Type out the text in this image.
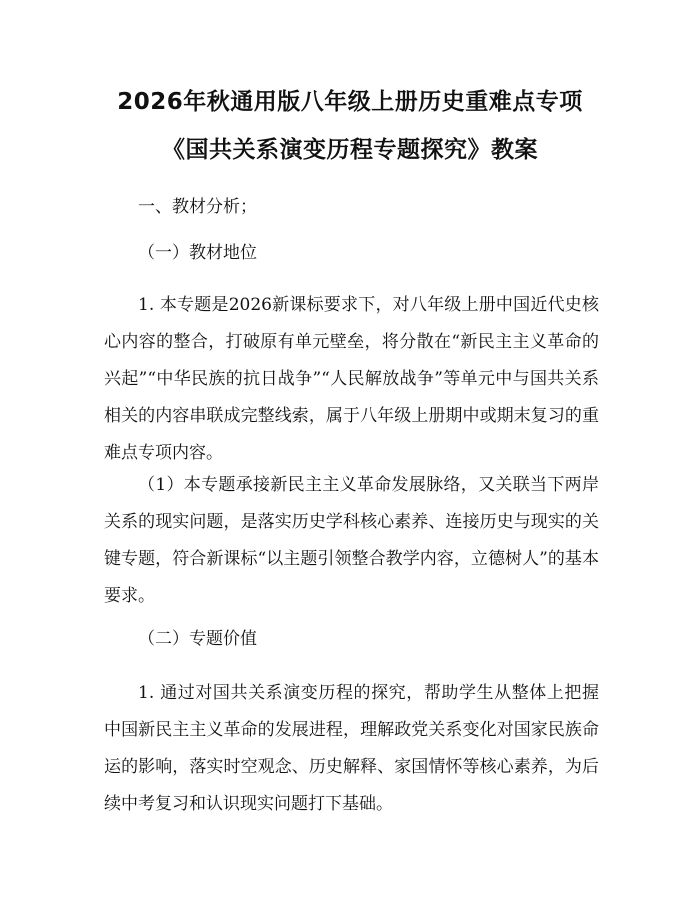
2026年秋通用版八年级上册历史重难点专项
《国共关系演变历程专题探究》教案
一、教材分析；
（一）教材地位
1. 本专题是2026新课标要求下，对八年级上册中国近代史核心内容的整合，打破原有单元壁垒，将分散在“新民主主义革命的兴起”“中华民族的抗日战争”“人民解放战争”等单元中与国共关系相关的内容串联成完整线索，属于八年级上册期中或期末复习的重难点专项内容。
（1）本专题承接新民主主义革命发展脉络，又关联当下两岸关系的现实问题，是落实历史学科核心素养、连接历史与现实的关键专题，符合新课标“以主题引领整合教学内容，立德树人”的基本要求。
（二）专题价值
1. 通过对国共关系演变历程的探究，帮助学生从整体上把握中国新民主主义革命的发展进程，理解政党关系变化对国家民族命运的影响，落实时空观念、历史解释、家国情怀等核心素养，为后续中考复习和认识现实问题打下基础。
